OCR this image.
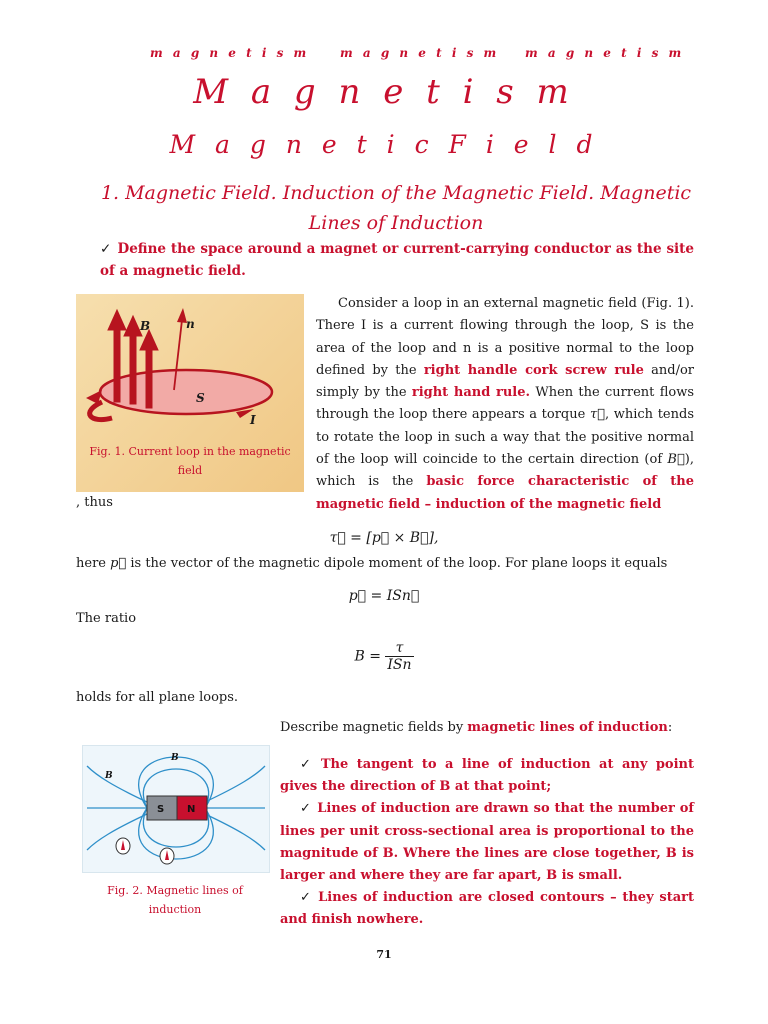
m a g n e t i s m	m a g n e t i s m m a g n e t i s m
M a g n e t i s m
M a g n e t i c F i e l d
1. Magnetic Field. Induction of the Magnetic Field. Magnetic Lines of Induction
✓ Define the space around a magnet or current-carrying conductor as the site of a magnetic field.
B	n
S
I
Fig. 1. Current loop in the magnetic field
Consider a loop in an external magnetic field (Fig. 1). There I is a current flowing through the loop, S is the area of the loop and n is a positive normal to the loop defined by the right handle cork screw rule and/or simply by the right hand rule. When the current flows through the loop there appears a torque τ⃗, which tends to rotate the loop in such a way that the positive normal of the loop will coincide to the certain direction (of B⃗), which is the basic force characteristic of the magnetic field – induction of the magnetic field
, thus
τ⃗ = [p⃗ × B⃗],
here p⃗ is the vector of the magnetic dipole moment of the loop. For plane loops it equals
p⃗ = ISn⃗
The ratio
$B = \frac{\tau}{\text{ISn}}$
holds for all plane loops.
Describe magnetic fields by magnetic lines of induction:
S N
B
B
Fig. 2. Magnetic lines of induction

✓ The tangent to a line of induction at any point gives the direction of B at that point;

✓ Lines of induction are drawn so that the number of lines per unit cross-sectional area is proportional to the magnitude of B. Where the lines are close together, B is larger and where they are far apart, B is small.

✓ Lines of induction are closed contours – they start and finish nowhere.

71
